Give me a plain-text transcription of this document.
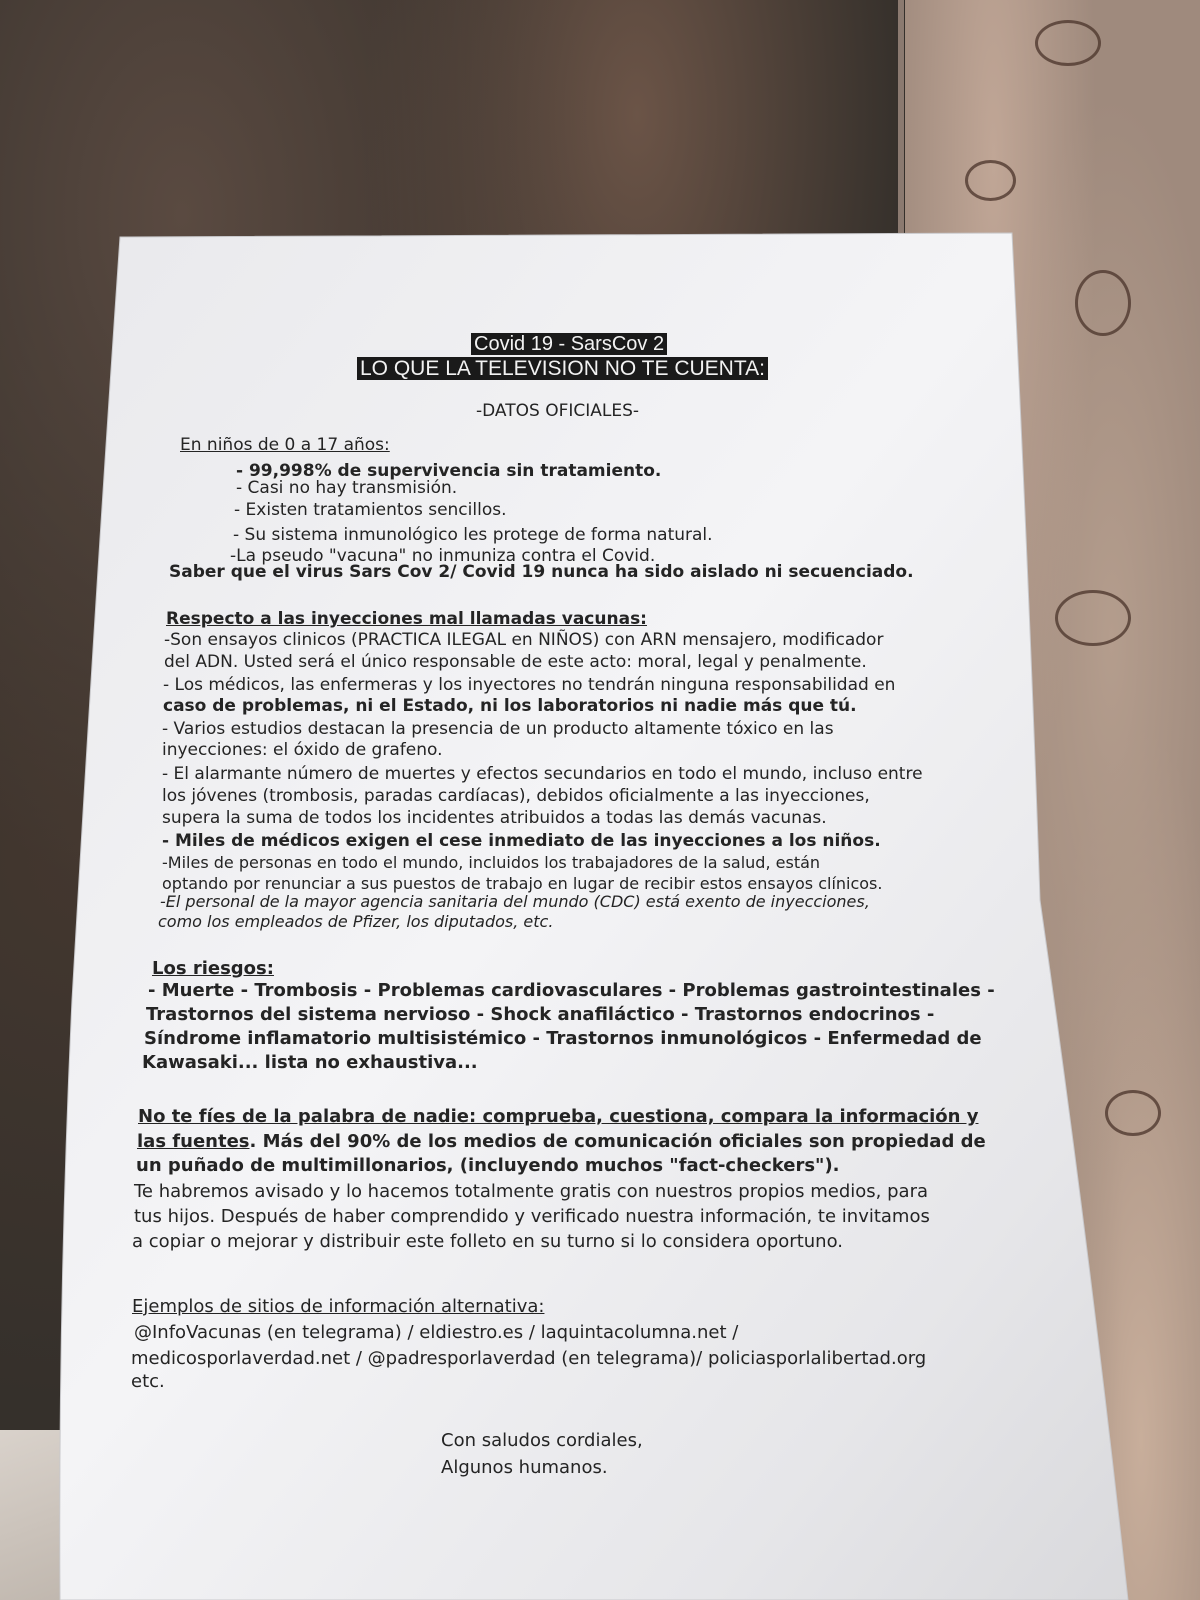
Covid 19 - SarsCov 2
LO QUE LA TELEVISION NO TE CUENTA:
-DATOS OFICIALES-
En niños de 0 a 17 años:
- 99,998% de supervivencia sin tratamiento.
- Casi no hay transmisión.
- Existen tratamientos sencillos.
- Su sistema inmunológico les protege de forma natural.
-La pseudo "vacuna" no inmuniza contra el Covid.
Saber que el virus Sars Cov 2/ Covid 19 nunca ha sido aislado ni secuenciado.
Respecto a las inyecciones mal llamadas vacunas:
-Son ensayos clinicos (PRACTICA ILEGAL en NIÑOS) con ARN mensajero, modificador
del ADN. Usted será el único responsable de este acto: moral, legal y penalmente.
- Los médicos, las enfermeras y los inyectores no tendrán ninguna responsabilidad en
caso de problemas, ni el Estado, ni los laboratorios ni nadie más que tú.
- Varios estudios destacan la presencia de un producto altamente tóxico en las
inyecciones: el óxido de grafeno.
- El alarmante número de muertes y efectos secundarios en todo el mundo, incluso entre
los jóvenes (trombosis, paradas cardíacas), debidos oficialmente a las inyecciones,
supera la suma de todos los incidentes atribuidos a todas las demás vacunas.
- Miles de médicos exigen el cese inmediato de las inyecciones a los niños.
-Miles de personas en todo el mundo, incluidos los trabajadores de la salud, están
optando por renunciar a sus puestos de trabajo en lugar de recibir estos ensayos clínicos.
-El personal de la mayor agencia sanitaria del mundo (CDC) está exento de inyecciones,
como los empleados de Pfizer, los diputados, etc.
Los riesgos:
- Muerte - Trombosis - Problemas cardiovasculares - Problemas gastrointestinales -
Trastornos del sistema nervioso - Shock anafiláctico - Trastornos endocrinos -
Síndrome inflamatorio multisistémico - Trastornos inmunológicos - Enfermedad de
Kawasaki... lista no exhaustiva...
No te fíes de la palabra de nadie: comprueba, cuestiona, compara la información y
las fuentes. Más del 90% de los medios de comunicación oficiales son propiedad de
un puñado de multimillonarios, (incluyendo muchos "fact-checkers").
Te habremos avisado y lo hacemos totalmente gratis con nuestros propios medios, para
tus hijos. Después de haber comprendido y verificado nuestra información, te invitamos
a copiar o mejorar y distribuir este folleto en su turno si lo considera oportuno.
Ejemplos de sitios de información alternativa:
@InfoVacunas (en telegrama) / eldiestro.es / laquintacolumna.net /
medicosporlaverdad.net / @padresporlaverdad (en telegrama)/ policiasporlalibertad.org
etc.
Con saludos cordiales,
Algunos humanos.
